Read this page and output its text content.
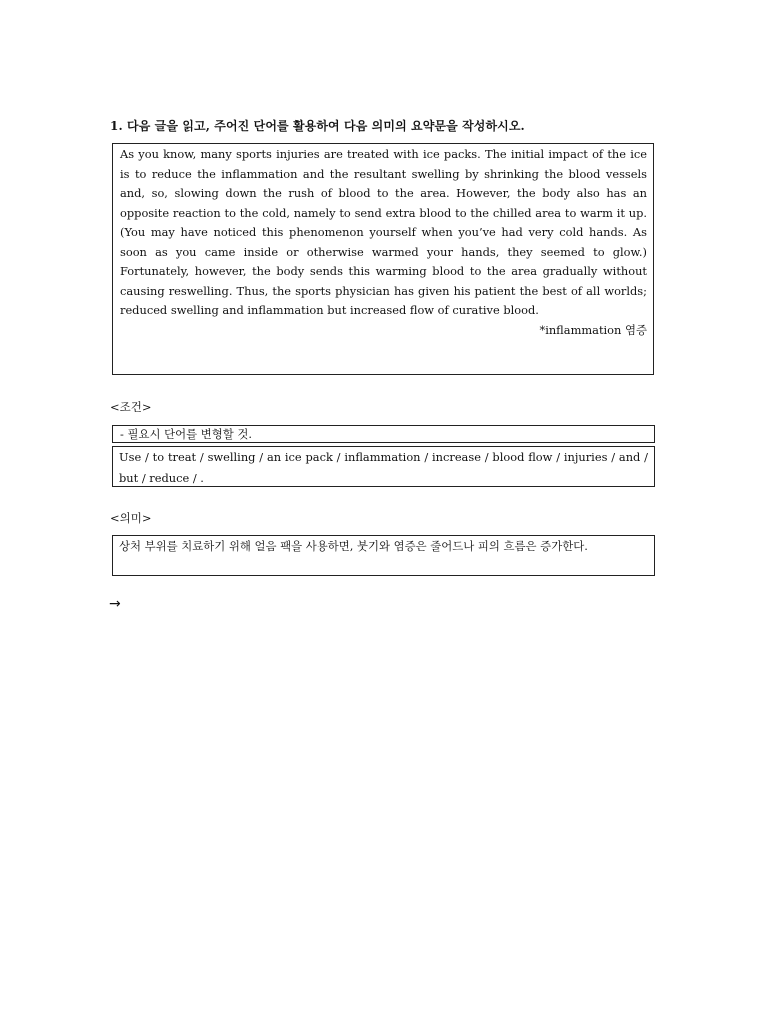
1. 다음 글을 읽고, 주어진 단어를 활용하여 다음 의미의 요약문을 작성하시오.

As you know, many sports injuries are treated with ice packs. The initial impact of the ice is to reduce the inflammation and the resultant swelling by shrinking the blood vessels and, so, slowing down the rush of blood to the area. However, the body also has an opposite reaction to the cold, namely to send extra blood to the chilled area to warm it up. (You may have noticed this phenomenon yourself when you’ve had very cold hands. As soon as you came inside or otherwise warmed your hands, they seemed to glow.) Fortunately, however, the body sends this warming blood to the area gradually without causing reswelling. Thus, the sports physician has given his patient the best of all worlds; reduced swelling and inflammation but increased flow of curative blood.

*inflammation 염증

<조건>
- 필요시 단어를 변형할 것.
Use / to treat / swelling / an ice pack / inflammation / increase / blood flow / injuries / and / but / reduce / .
<의미>
상처 부위를 치료하기 위해 얼음 팩을 사용하면, 붓기와 염증은 줄어드나 피의 흐름은 증가한다.
→
